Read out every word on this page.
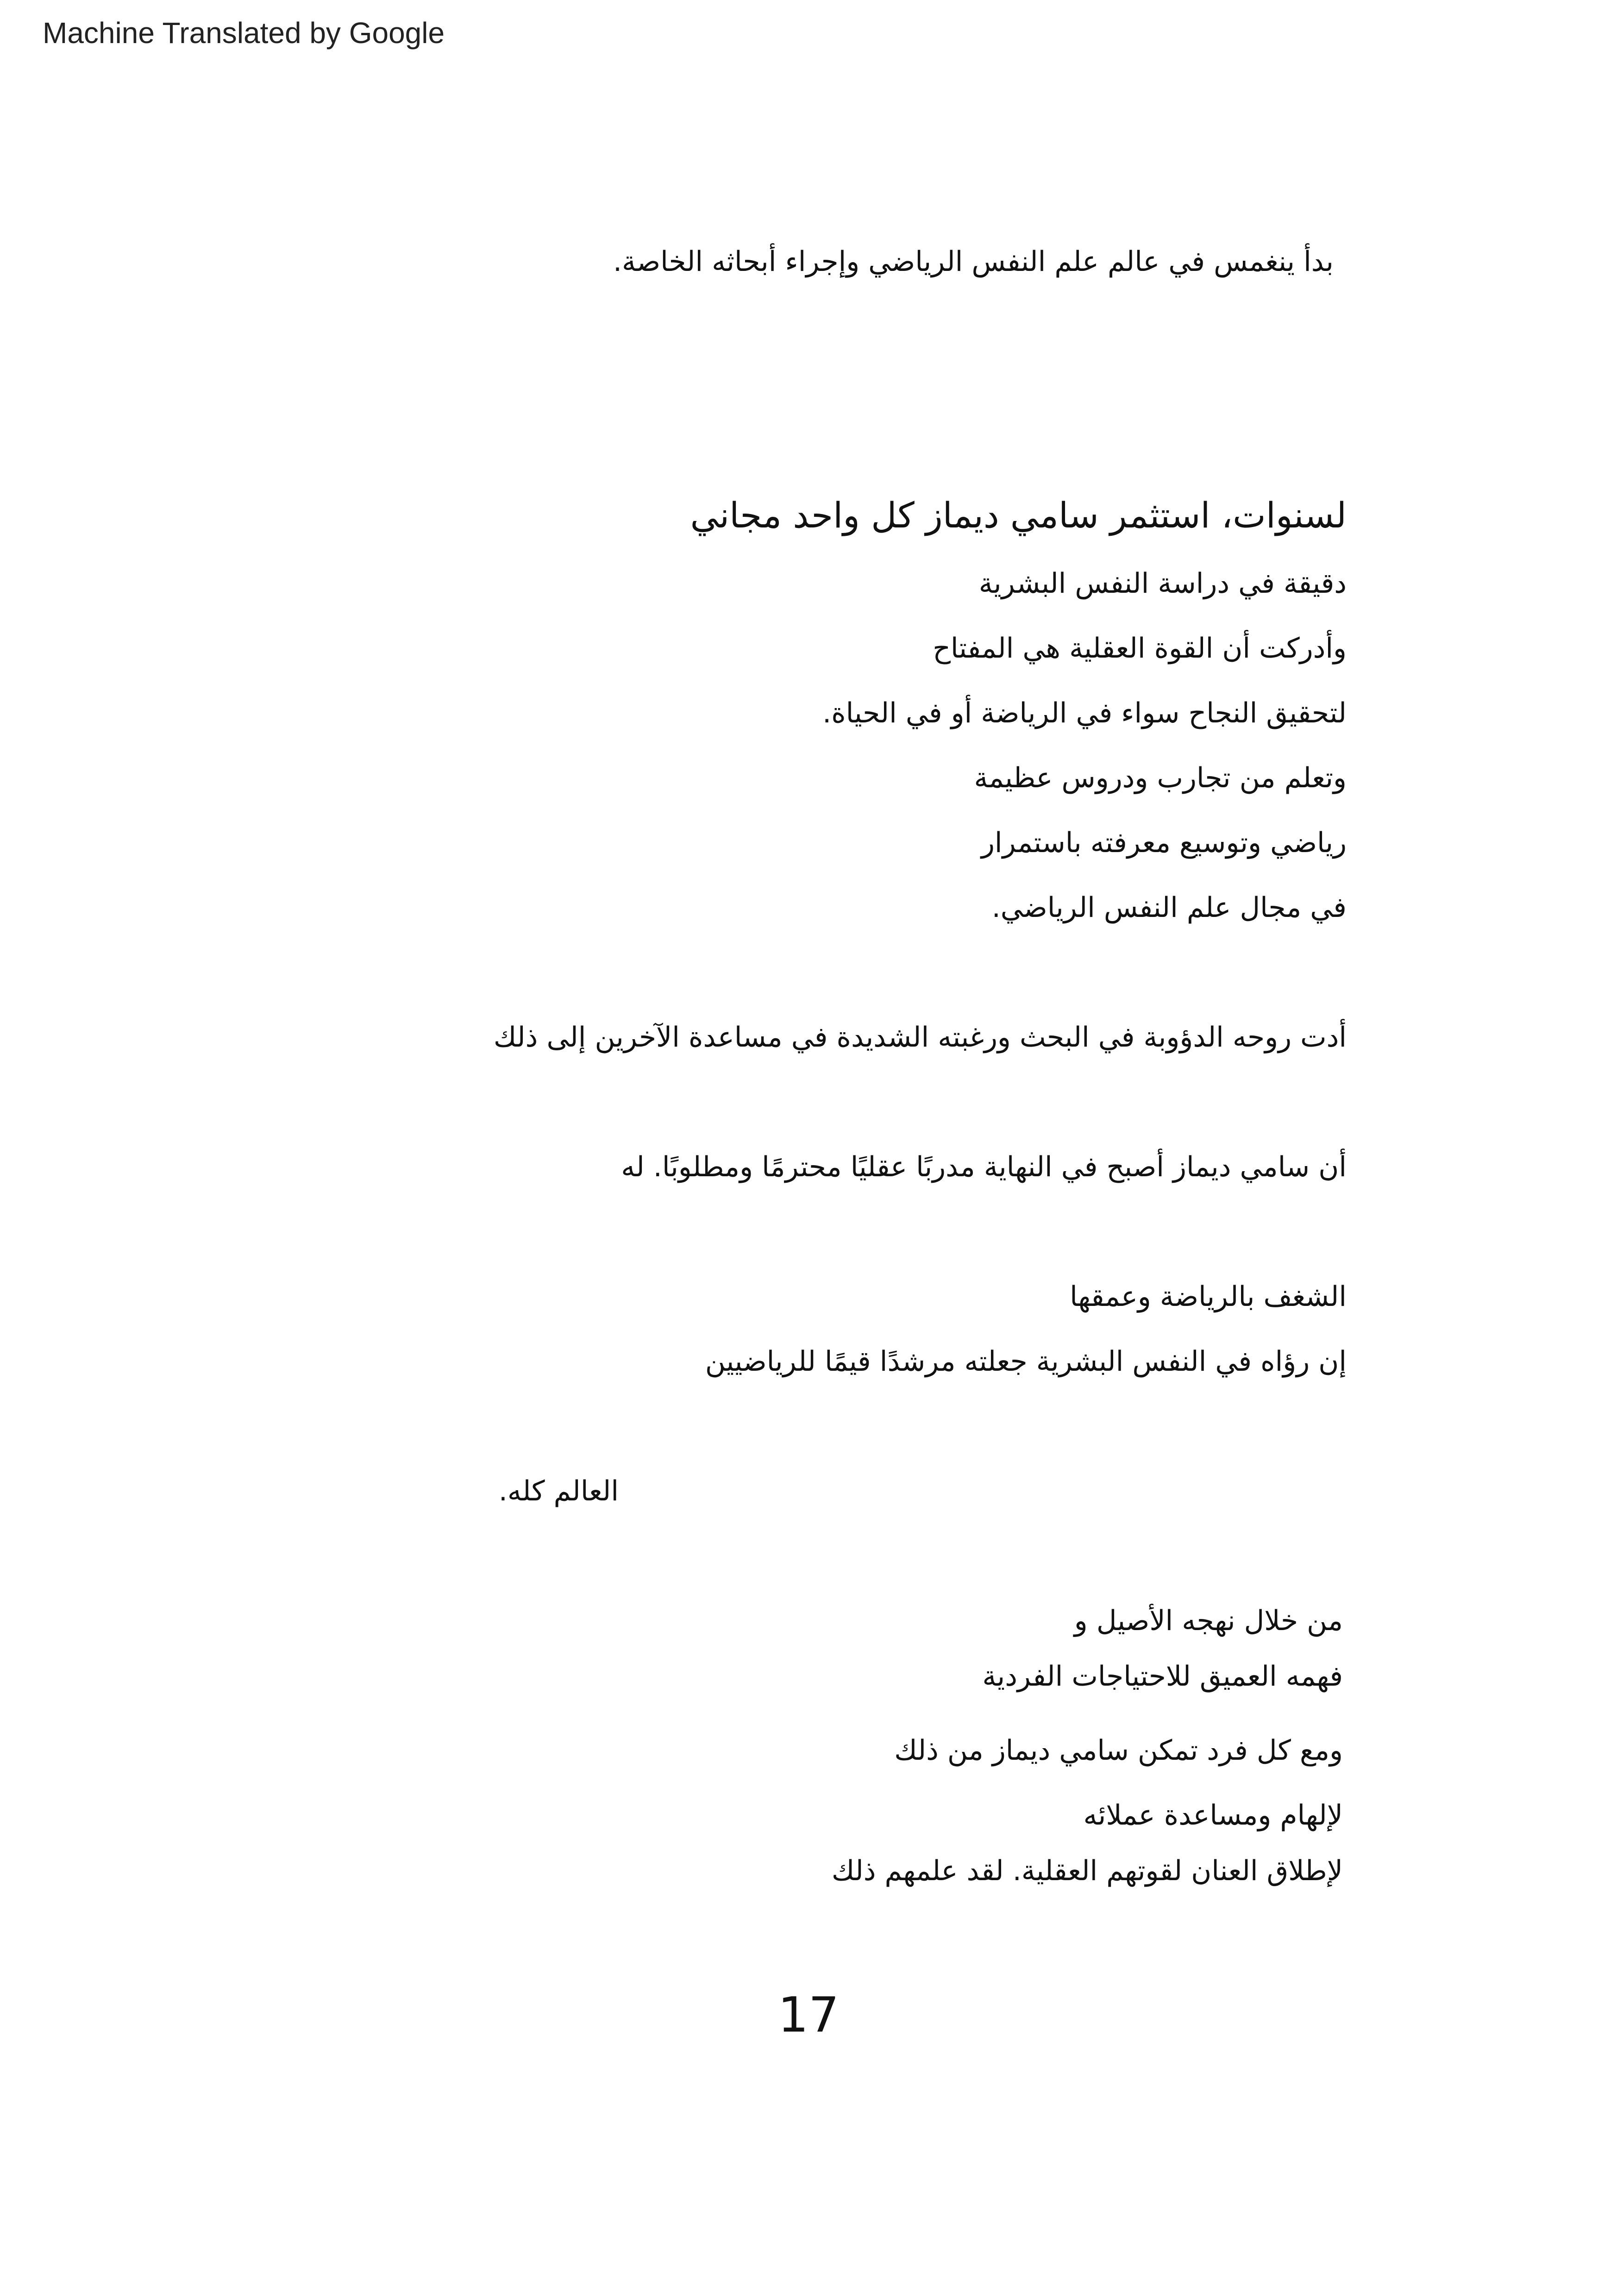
Machine Translated by Google
بدأ ينغمس في عالم علم النفس الرياضي وإجراء أبحاثه الخاصة.
لسنوات، استثمر سامي ديماز كل واحد مجاني
دقيقة في دراسة النفس البشرية
وأدركت أن القوة العقلية هي المفتاح
لتحقيق النجاح سواء في الرياضة أو في الحياة.
وتعلم من تجارب ودروس عظيمة
رياضي وتوسيع معرفته باستمرار
في مجال علم النفس الرياضي.
أدت روحه الدؤوبة في البحث ورغبته الشديدة في مساعدة الآخرين إلى ذلك
أن سامي ديماز أصبح في النهاية مدربًا عقليًا محترمًا ومطلوبًا. له
الشغف بالرياضة وعمقها
إن رؤاه في النفس البشرية جعلته مرشدًا قيمًا للرياضيين
العالم كله.
من خلال نهجه الأصيل و
فهمه العميق للاحتياجات الفردية
ومع كل فرد تمكن سامي ديماز من ذلك
لإلهام ومساعدة عملائه
لإطلاق العنان لقوتهم العقلية. لقد علمهم ذلك
17
